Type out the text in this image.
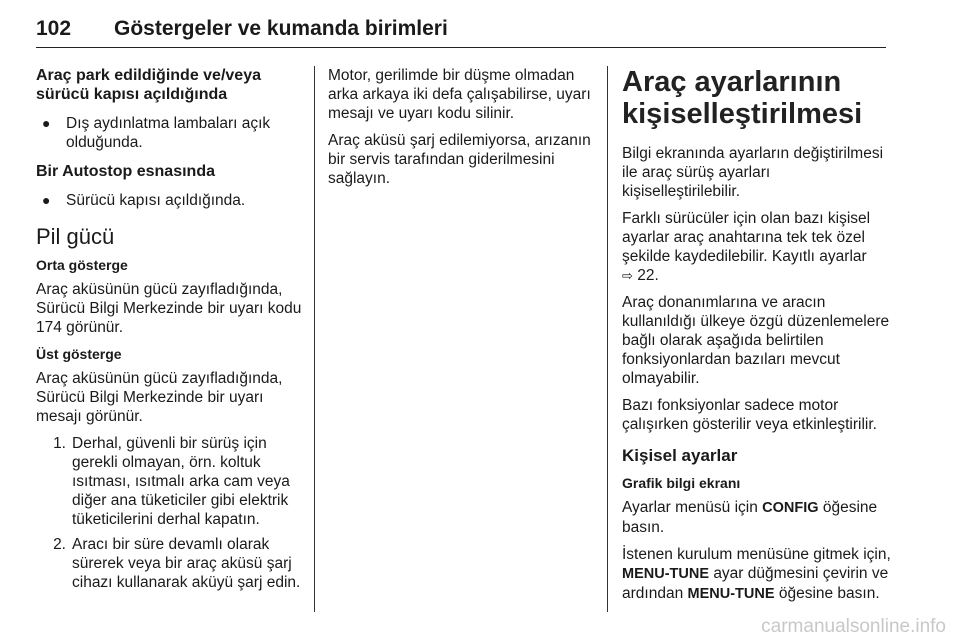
102	Göstergeler ve kumanda birimleri
Araç park edildiğinde ve/veya sürücü kapısı açıldığında
●	Dış aydınlatma lambaları açık olduğunda.
Bir Autostop esnasında
●	Sürücü kapısı açıldığında.
Pil gücü
Orta gösterge

Araç aküsünün gücü zayıfladığında, Sürücü Bilgi Merkezinde bir uyarı kodu 174 görünür.

Üst gösterge

Araç aküsünün gücü zayıfladığında, Sürücü Bilgi Merkezinde bir uyarı mesajı görünür.

1. Derhal, güvenli bir sürüş için gerekli olmayan, örn. koltuk ısıtması, ısıtmalı arka cam veya diğer ana tüketiciler gibi elektrik tüketicilerini derhal kapatın.
2. Aracı bir süre devamlı olarak sürerek veya bir araç aküsü şarj cihazı kullanarak aküyü şarj edin.

Motor, gerilimde bir düşme olmadan arka arkaya iki defa çalışabilirse, uyarı mesajı ve uyarı kodu silinir.

Araç aküsü şarj edilemiyorsa, arızanın bir servis tarafından giderilmesini sağlayın.

Araç ayarlarının kişiselleştirilmesi

Bilgi ekranında ayarların değiştirilmesi ile araç sürüş ayarları kişiselleştirilebilir.

Farklı sürücüler için olan bazı kişisel ayarlar araç anahtarına tek tek özel şekilde kaydedilebilir. Kayıtlı ayarlar
⇨ 22.

Araç donanımlarına ve aracın kullanıldığı ülkeye özgü düzenlemelere bağlı olarak aşağıda belirtilen fonksiyonlardan bazıları mevcut olmayabilir.

Bazı fonksiyonlar sadece motor çalışırken gösterilir veya etkinleştirilir.

Kişisel ayarlar
Grafik bilgi ekranı

Ayarlar menüsü için CONFIG öğesine basın.

İstenen kurulum menüsüne gitmek için, MENU-TUNE ayar düğmesini çevirin ve ardından MENU-TUNE öğesine basın.

carmanualsonline.info
